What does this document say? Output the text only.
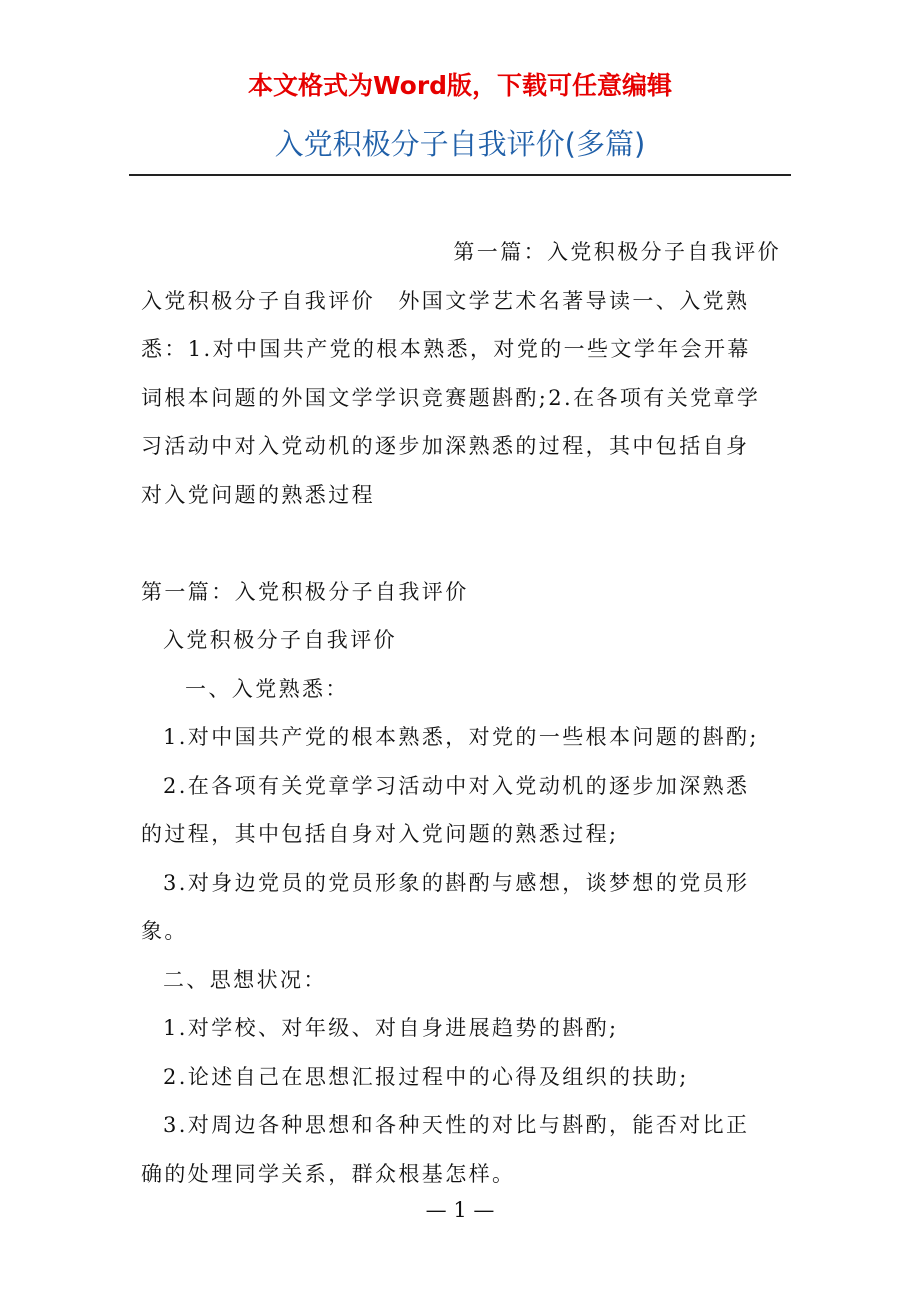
本文格式为Word版，下载可任意编辑
入党积极分子自我评价(多篇)

第一篇：入党积极分子自我评价

入党积极分子自我评价　外国文学艺术名著导读一、入党熟

悉：1.对中国共产党的根本熟悉，对党的一些文学年会开幕

词根本问题的外国文学学识竞赛题斟酌;2.在各项有关党章学

习活动中对入党动机的逐步加深熟悉的过程，其中包括自身

对入党问题的熟悉过程

第一篇：入党积极分子自我评价

入党积极分子自我评价

一、入党熟悉：

1.对中国共产党的根本熟悉，对党的一些根本问题的斟酌;

2.在各项有关党章学习活动中对入党动机的逐步加深熟悉

的过程，其中包括自身对入党问题的熟悉过程;

3.对身边党员的党员形象的斟酌与感想，谈梦想的党员形

象。

二、思想状况：

1.对学校、对年级、对自身进展趋势的斟酌;

2.论述自己在思想汇报过程中的心得及组织的扶助;

3.对周边各种思想和各种天性的对比与斟酌，能否对比正

确的处理同学关系，群众根基怎样。

— 1 —
